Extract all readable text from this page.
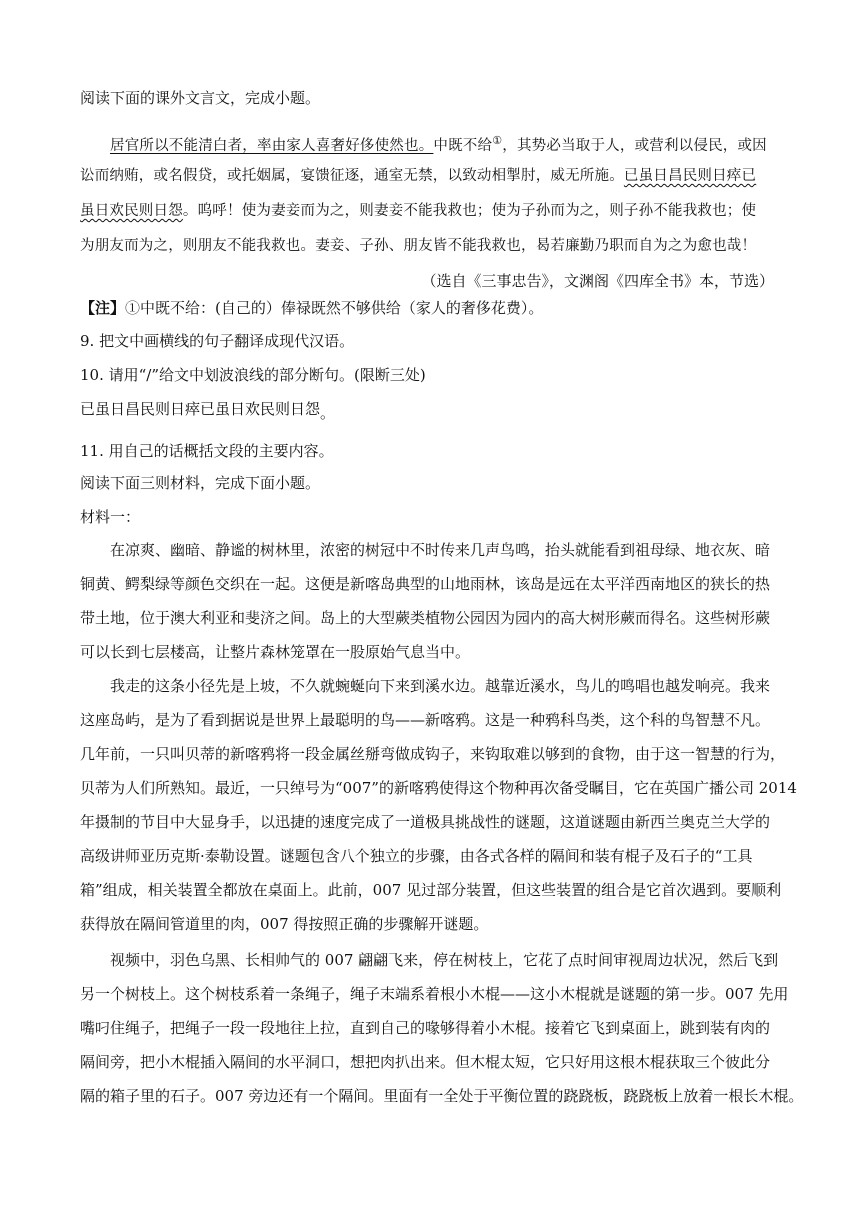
阅读下面的课外文言文，完成小题。
居官所以不能清白者，率由家人喜奢好侈使然也。中既不给①，其势必当取于人，或营利以侵民，或因
讼而纳贿，或名假贷，或托姻属，宴馈征逐，通室无禁，以致动相掣肘，威无所施。已虽日昌民则日瘁已
虽日欢民则日怨。呜呼！使为妻妾而为之，则妻妾不能我救也；使为子孙而为之，则子孙不能我救也；使
为朋友而为之，则朋友不能我救也。妻妾、子孙、朋友皆不能我救也，曷若廉勤乃职而自为之为愈也哉！
（选自《三事忠告》，文渊阁《四库全书》本，节选）
【注】①中既不给：(自己的）俸禄既然不够供给（家人的奢侈花费）。
9. 把文中画横线的句子翻译成现代汉语。
10. 请用“/”给文中划波浪线的部分断句。(限断三处)
已虽日昌民则日瘁已虽日欢民则日怨。
11. 用自己的话概括文段的主要内容。
阅读下面三则材料，完成下面小题。
材料一：
在凉爽、幽暗、静谧的树林里，浓密的树冠中不时传来几声鸟鸣，抬头就能看到祖母绿、地衣灰、暗
铜黄、鳄梨绿等颜色交织在一起。这便是新喀岛典型的山地雨林，该岛是远在太平洋西南地区的狭长的热
带土地，位于澳大利亚和斐济之间。岛上的大型蕨类植物公园因为园内的高大树形蕨而得名。这些树形蕨
可以长到七层楼高，让整片森林笼罩在一股原始气息当中。
我走的这条小径先是上坡，不久就蜿蜒向下来到溪水边。越靠近溪水，鸟儿的鸣唱也越发响亮。我来
这座岛屿，是为了看到据说是世界上最聪明的鸟——新喀鸦。这是一种鸦科鸟类，这个科的鸟智慧不凡。
几年前，一只叫贝蒂的新喀鸦将一段金属丝掰弯做成钩子，来钩取难以够到的食物，由于这一智慧的行为，
贝蒂为人们所熟知。最近，一只绰号为“007”的新喀鸦使得这个物种再次备受瞩目，它在英国广播公司 2014
年摄制的节目中大显身手，以迅捷的速度完成了一道极具挑战性的谜题，这道谜题由新西兰奥克兰大学的
高级讲师亚历克斯·泰勒设置。谜题包含八个独立的步骤，由各式各样的隔间和装有棍子及石子的“工具
箱”组成，相关装置全都放在桌面上。此前，007 见过部分装置，但这些装置的组合是它首次遇到。要顺利
获得放在隔间管道里的肉，007 得按照正确的步骤解开谜题。
视频中，羽色乌黑、长相帅气的 007 翩翩飞来，停在树枝上，它花了点时间审视周边状况，然后飞到
另一个树枝上。这个树枝系着一条绳子，绳子末端系着根小木棍——这小木棍就是谜题的第一步。007 先用
嘴叼住绳子，把绳子一段一段地往上拉，直到自己的喙够得着小木棍。接着它飞到桌面上，跳到装有肉的
隔间旁，把小木棍插入隔间的水平洞口，想把肉扒出来。但木棍太短，它只好用这根木棍获取三个彼此分
隔的箱子里的石子。007 旁边还有一个隔间。里面有一全处于平衡位置的跷跷板，跷跷板上放着一根长木棍。
